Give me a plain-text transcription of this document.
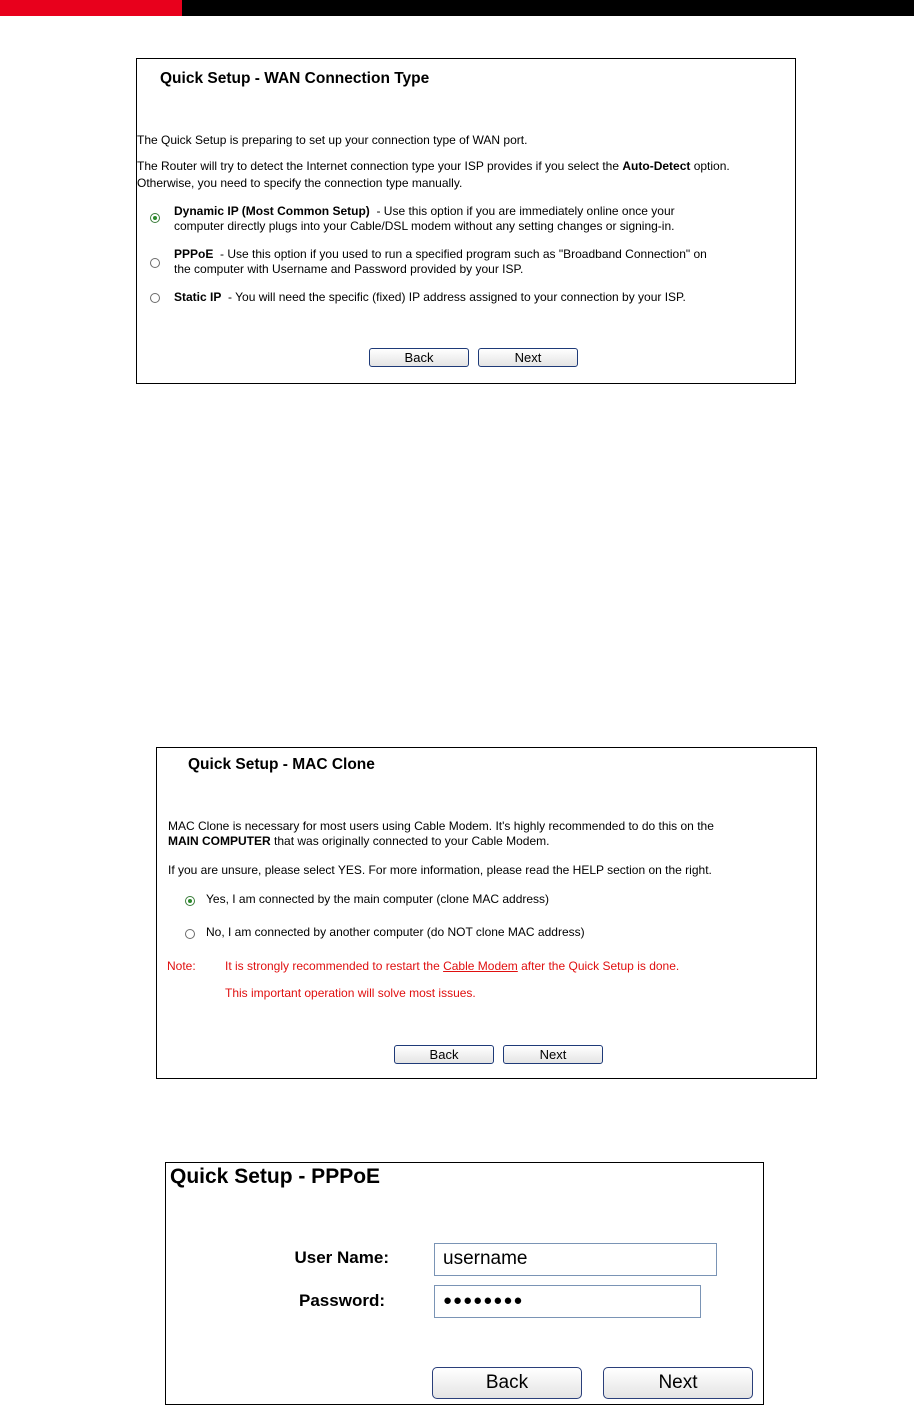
Quick Setup - WAN Connection Type
The Quick Setup is preparing to set up your connection type of WAN port.
The Router will try to detect the Internet connection type your ISP provides if you select the Auto-Detect option.
Otherwise, you need to specify the connection type manually.
Dynamic IP (Most Common Setup)  - Use this option if you are immediately online once your
computer directly plugs into your Cable/DSL modem without any setting changes or signing-in.
PPPoE  - Use this option if you used to run a specified program such as "Broadband Connection" on
the computer with Username and Password provided by your ISP.
Static IP  - You will need the specific (fixed) IP address assigned to your connection by your ISP.
Back	Next
Quick Setup - MAC Clone
MAC Clone is necessary for most users using Cable Modem. It's highly recommended to do this on the
MAIN COMPUTER that was originally connected to your Cable Modem.
If you are unsure, please select YES. For more information, please read the HELP section on the right.
Yes, I am connected by the main computer (clone MAC address)
No, I am connected by another computer (do NOT clone MAC address)
Note: It is strongly recommended to restart the Cable Modem after the Quick Setup is done.
This important operation will solve most issues.
Back	Next
Quick Setup - PPPoE
User Name:	username
Password:	●●●●●●●●
Back	Next
